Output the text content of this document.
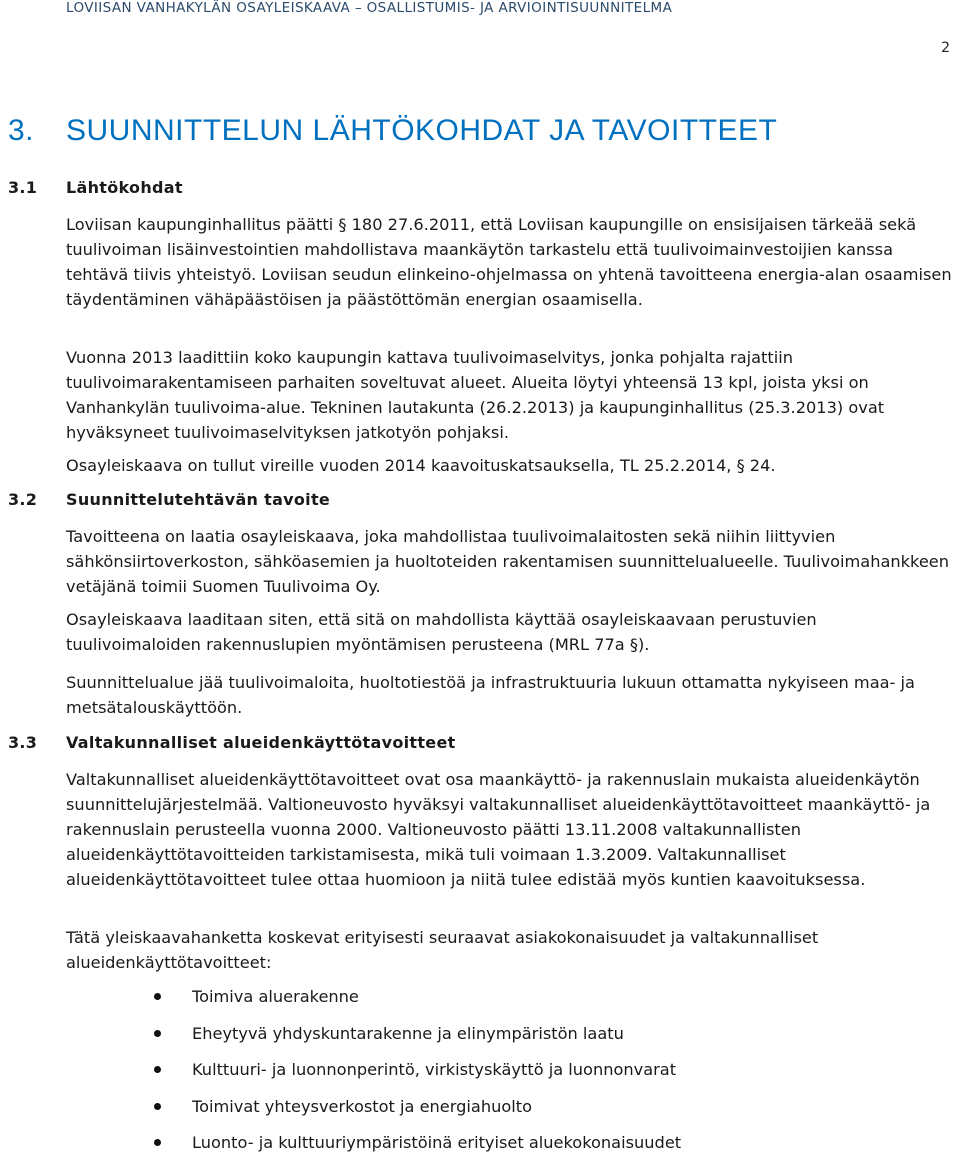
LOVIISAN VANHAKYLÄN OSAYLEISKAAVA – OSALLISTUMIS- JA ARVIOINTISUUNNITELMA
2
3. SUUNNITTELUN LÄHTÖKOHDAT JA TAVOITTEET
3.1 Lähtökohdat
Loviisan kaupunginhallitus päätti § 180 27.6.2011, että Loviisan kaupungille on ensisijaisen tärkeää sekä tuulivoiman lisäinvestointien mahdollistava maankäytön tarkastelu että tuulivoimainvestoijien kanssa tehtävä tiivis yhteistyö. Loviisan seudun elinkeino-ohjelmassa on yhtenä tavoitteena energia-alan osaamisen täydentäminen vähäpäästöisen ja päästöttömän energian osaamisella.
Vuonna 2013 laadittiin koko kaupungin kattava tuulivoimaselvitys, jonka pohjalta rajattiin tuulivoimarakentamiseen parhaiten soveltuvat alueet. Alueita löytyi yhteensä 13 kpl, joista yksi on Vanhankylän tuulivoima-alue. Tekninen lautakunta (26.2.2013) ja kaupunginhallitus (25.3.2013) ovat hyväksyneet tuulivoimaselvityksen jatkotyön pohjaksi.
Osayleiskaava on tullut vireille vuoden 2014 kaavoituskatsauksella, TL 25.2.2014, § 24.
3.2 Suunnittelutehtävän tavoite
Tavoitteena on laatia osayleiskaava, joka mahdollistaa tuulivoimalaitosten sekä niihin liittyvien sähkönsiirtoverkoston, sähköasemien ja huoltoteiden rakentamisen suunnittelualueelle. Tuulivoimahankkeen vetäjänä toimii Suomen Tuulivoima Oy.
Osayleiskaava laaditaan siten, että sitä on mahdollista käyttää osayleiskaavaan perustuvien tuulivoimaloiden rakennuslupien myöntämisen perusteena (MRL 77a §).
Suunnittelualue jää tuulivoimaloita, huoltotiestöä ja infrastruktuuria lukuun ottamatta nykyiseen maa- ja metsätalouskäyttöön.
3.3 Valtakunnalliset alueidenkäyttötavoitteet
Valtakunnalliset alueidenkäyttötavoitteet ovat osa maankäyttö- ja rakennuslain mukaista alueidenkäytön suunnittelujärjestelmää. Valtioneuvosto hyväksyi valtakunnalliset alueidenkäyttötavoitteet maankäyttö- ja rakennuslain perusteella vuonna 2000. Valtioneuvosto päätti 13.11.2008 valtakunnallisten alueidenkäyttötavoitteiden tarkistamisesta, mikä tuli voimaan 1.3.2009. Valtakunnalliset alueidenkäyttötavoitteet tulee ottaa huomioon ja niitä tulee edistää myös kuntien kaavoituksessa.
Tätä yleiskaavahanketta koskevat erityisesti seuraavat asiakokonaisuudet ja valtakunnalliset alueidenkäyttötavoitteet:
Toimiva aluerakenne
Eheytyvä yhdyskuntarakenne ja elinympäristön laatu
Kulttuuri- ja luonnonperintö, virkistyskäyttö ja luonnonvarat
Toimivat yhteysverkostot ja energiahuolto
Luonto- ja kulttuuriympäristöinä erityiset aluekokonaisuudet
